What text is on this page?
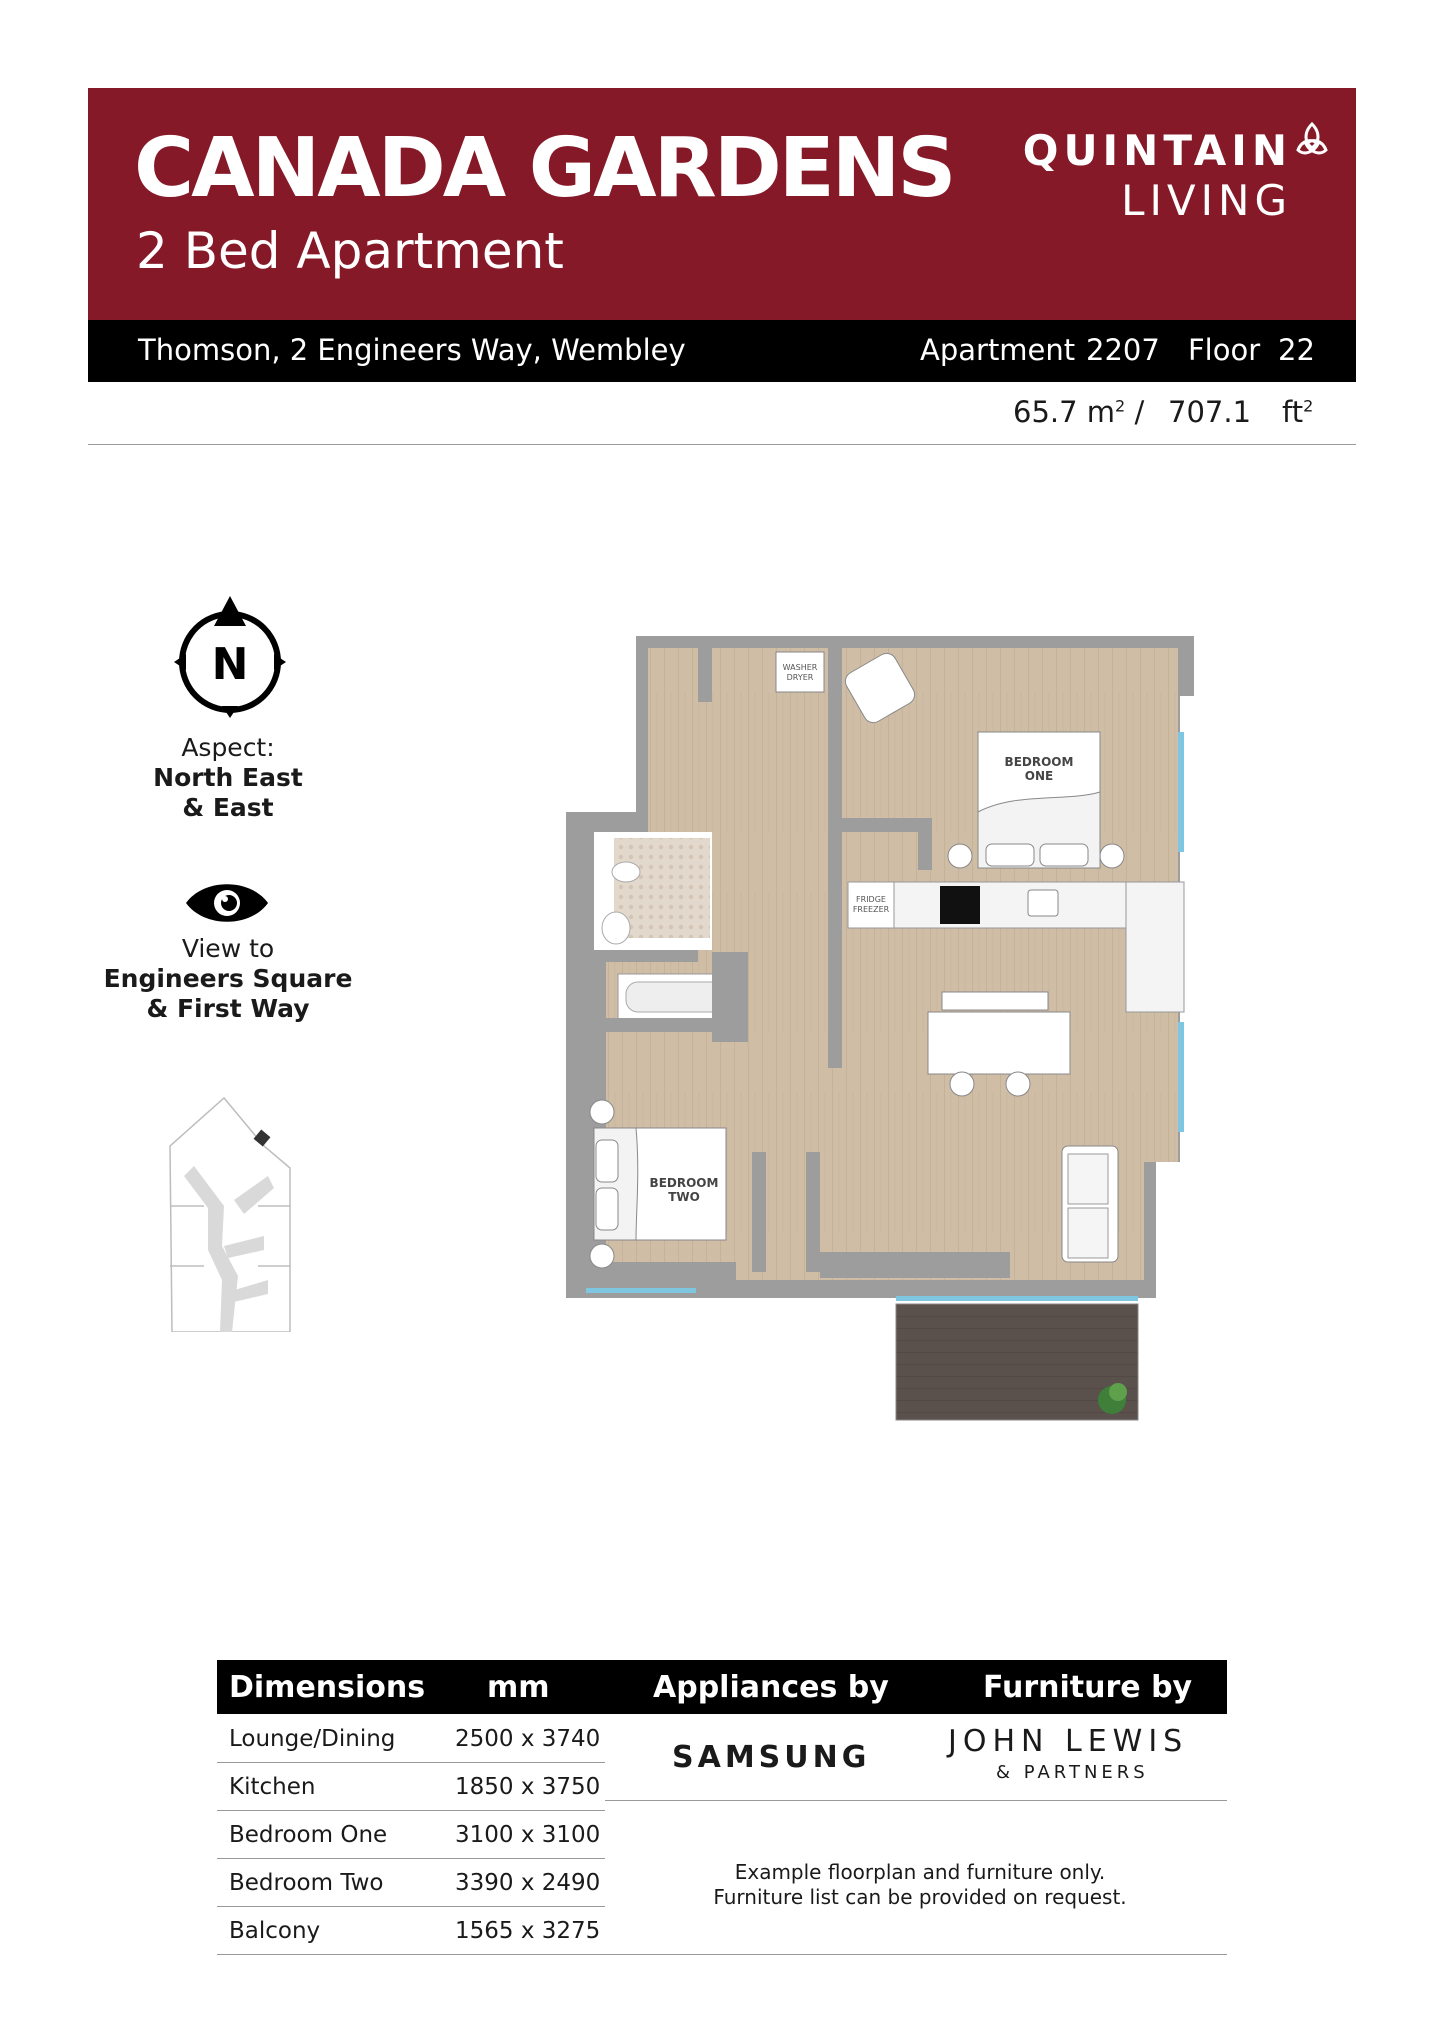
CANADA GARDENS
2 Bed Apartment
QUINTAIN
LIVING
Thomson, 2 Engineers Way, Wembley	Apartment 2207 Floor 22
65.7 $m^2 / 707.1$ $ft^2$
N
Aspect:
North East
& East
View to
Engineers Square
& First Way
BEDROOM
ONE
WASHER
DRYER
FRIDGE
FREEZER
BEDROOM
TWO
Dimensions mm	Appliances by	Furniture by
Lounge/Dining	2500 x 3740
Kitchen	1850 x 3750
Bedroom One	3100 x 3100
Bedroom Two	3390 x 2490
Balcony	1565 x 3275
SAMSUNG	JOHN LEWIS
& PARTNERS
Example floorplan and furniture only.
Furniture list can be provided on request.
